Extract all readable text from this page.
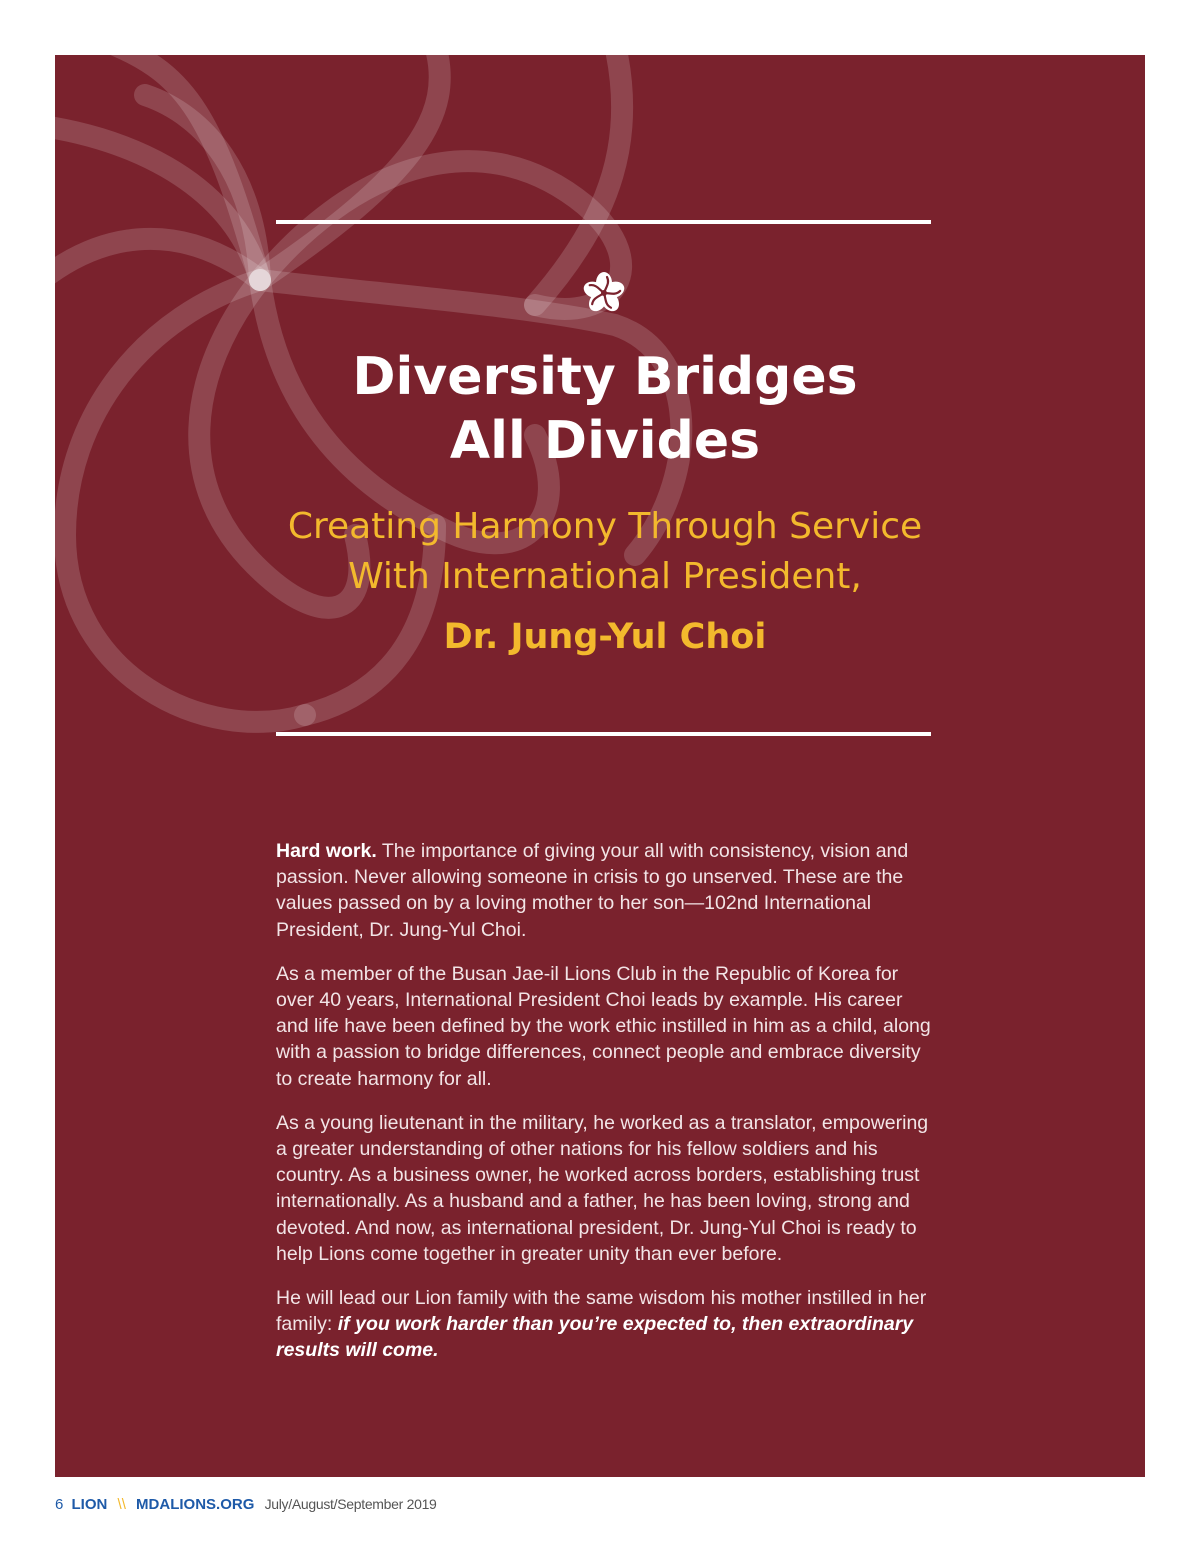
Diversity Bridges
All Divides

Creating Harmony Through Service

With International President,

Dr. Jung-Yul Choi

Hard work. The importance of giving your all with consistency, vision and passion. Never allowing someone in crisis to go unserved. These are the values passed on by a loving mother to her son—102nd International President, Dr. Jung-Yul Choi.

As a member of the Busan Jae-il Lions Club in the Republic of Korea for over 40 years, International President Choi leads by example. His career and life have been defined by the work ethic instilled in him as a child, along with a passion to bridge differences, connect people and embrace diversity to create harmony for all.

As a young lieutenant in the military, he worked as a translator, empowering a greater understanding of other nations for his fellow soldiers and his country. As a business owner, he worked across borders, establishing trust internationally. As a husband and a father, he has been loving, strong and devoted. And now, as international president, Dr. Jung-Yul Choi is ready to help Lions come together in greater unity than ever before.

He will lead our Lion family with the same wisdom his mother instilled in her family: if you work harder than you’re expected to, then extraordinary results will come.

6 LION \\ MDALIONS.ORG July/August/September 2019
